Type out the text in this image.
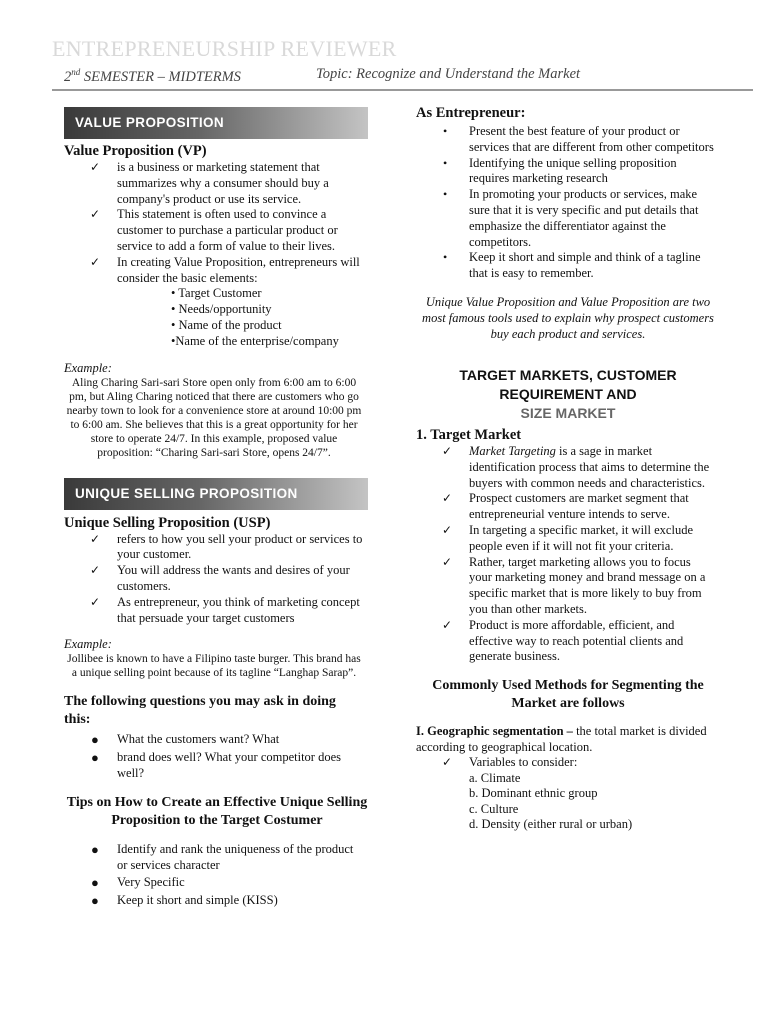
ENTREPRENEURSHIP REVIEWER
2nd SEMESTER – MIDTERMS	Topic: Recognize and Understand the Market
VALUE PROPOSITION
Value Proposition (VP)
✓ is a business or marketing statement that summarizes why a consumer should buy a company's product or use its service.
✓ This statement is often used to convince a customer to purchase a particular product or service to add a form of value to their lives.
✓ In creating Value Proposition, entrepreneurs will consider the basic elements:
• Target Customer
• Needs/opportunity
• Name of the product
•Name of the enterprise/company
Example:
Aling Charing Sari-sari Store open only from 6:00 am to 6:00 pm, but Aling Charing noticed that there are customers who go nearby town to look for a convenience store at around 10:00 pm to 6:00 am. She believes that this is a great opportunity for her store to operate 24/7. In this example, proposed value proposition: “Charing Sari-sari Store, opens 24/7”.
UNIQUE SELLING PROPOSITION
Unique Selling Proposition (USP)
✓ refers to how you sell your product or services to your customer.
✓ You will address the wants and desires of your customers.
✓ As entrepreneur, you think of marketing concept that persuade your target customers
Example:
Jollibee is known to have a Filipino taste burger. This brand has a unique selling point because of its tagline “Langhap Sarap”.
The following questions you may ask in doing this:
● What the customers want? What
● brand does well? What your competitor does well?
Tips on How to Create an Effective Unique Selling Proposition to the Target Costumer
● Identify and rank the uniqueness of the product or services character
● Very Specific
● Keep it short and simple (KISS)
As Entrepreneur:
• Present the best feature of your product or services that are different from other competitors
• Identifying the unique selling proposition requires marketing research
• In promoting your products or services, make sure that it is very specific and put details that emphasize the differentiator against the competitors.
• Keep it short and simple and think of a tagline that is easy to remember.
Unique Value Proposition and Value Proposition are two most famous tools used to explain why prospect customers buy each product and services.
TARGET MARKETS, CUSTOMER
REQUIREMENT AND
SIZE MARKET
1. Target Market
✓ Market Targeting is a sage in market identification process that aims to determine the buyers with common needs and characteristics.
✓ Prospect customers are market segment that entrepreneurial venture intends to serve.
✓ In targeting a specific market, it will exclude people even if it will not fit your criteria.
✓ Rather, target marketing allows you to focus your marketing money and brand message on a specific market that is more likely to buy from you than other markets.
✓ Product is more affordable, efficient, and effective way to reach potential clients and generate business.
Commonly Used Methods for Segmenting the Market are follows
I. Geographic segmentation – the total market is divided according to geographical location.
✓ Variables to consider:
a. Climate
b. Dominant ethnic group
c. Culture
d. Density (either rural or urban)
